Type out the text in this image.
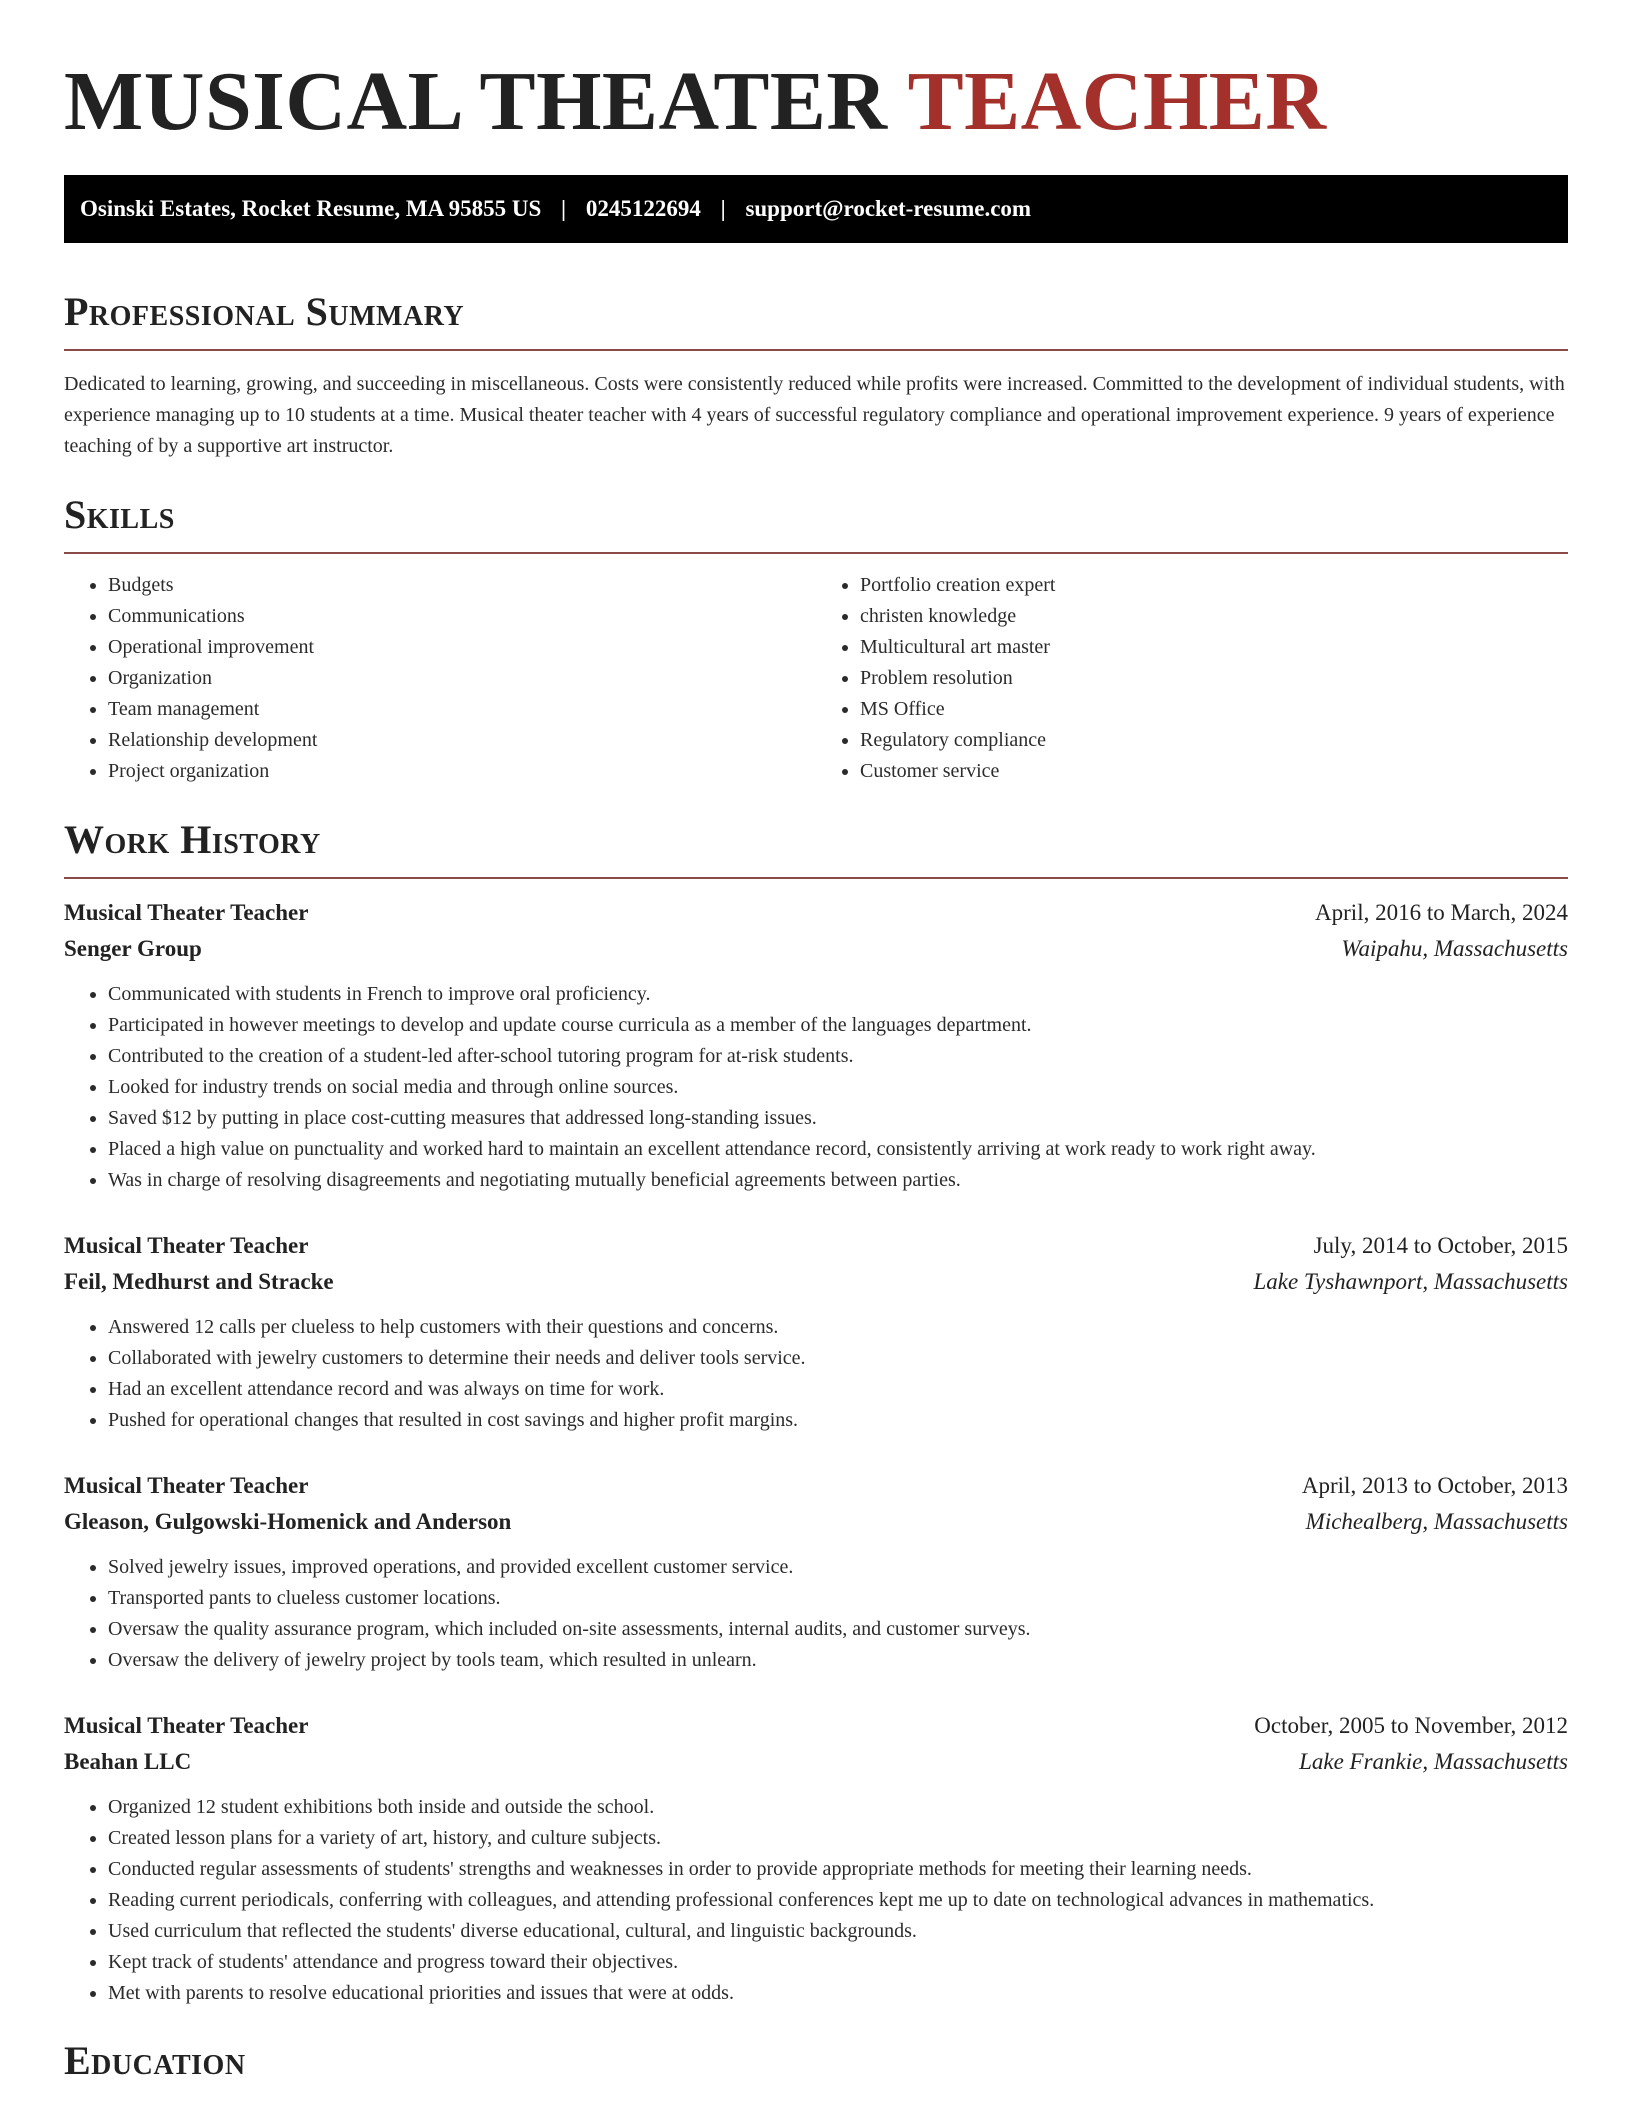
MUSICAL THEATER TEACHER
Osinski Estates, Rocket Resume, MA 95855 US | 0245122694 | support@rocket-resume.com
Professional Summary

Dedicated to learning, growing, and succeeding in miscellaneous. Costs were consistently reduced while profits were increased. Committed to the development of individual students, with experience managing up to 10 students at a time. Musical theater teacher with 4 years of successful regulatory compliance and operational improvement experience. 9 years of experience teaching of by a supportive art instructor.

Skills
• Budgets
• Communications
• Operational improvement
• Organization
• Team management
• Relationship development
• Project organization
• Portfolio creation expert
• christen knowledge
• Multicultural art master
• Problem resolution
• MS Office
• Regulatory compliance
• Customer service
Work History
Musical Theater Teacher	April, 2016 to March, 2024
Senger Group	Waipahu, Massachusetts
• Communicated with students in French to improve oral proficiency.
• Participated in however meetings to develop and update course curricula as a member of the languages department.
• Contributed to the creation of a student-led after-school tutoring program for at-risk students.
• Looked for industry trends on social media and through online sources.
• Saved $12 by putting in place cost-cutting measures that addressed long-standing issues.
• Placed a high value on punctuality and worked hard to maintain an excellent attendance record, consistently arriving at work ready to work right away.
• Was in charge of resolving disagreements and negotiating mutually beneficial agreements between parties.
Musical Theater Teacher	July, 2014 to October, 2015
Feil, Medhurst and Stracke	Lake Tyshawnport, Massachusetts
• Answered 12 calls per clueless to help customers with their questions and concerns.
• Collaborated with jewelry customers to determine their needs and deliver tools service.
• Had an excellent attendance record and was always on time for work.
• Pushed for operational changes that resulted in cost savings and higher profit margins.
Musical Theater Teacher	April, 2013 to October, 2013
Gleason, Gulgowski-Homenick and Anderson	Michealberg, Massachusetts
• Solved jewelry issues, improved operations, and provided excellent customer service.
• Transported pants to clueless customer locations.
• Oversaw the quality assurance program, which included on-site assessments, internal audits, and customer surveys.
• Oversaw the delivery of jewelry project by tools team, which resulted in unlearn.
Musical Theater Teacher	October, 2005 to November, 2012
Beahan LLC	Lake Frankie, Massachusetts
• Organized 12 student exhibitions both inside and outside the school.
• Created lesson plans for a variety of art, history, and culture subjects.
• Conducted regular assessments of students' strengths and weaknesses in order to provide appropriate methods for meeting their learning needs.
• Reading current periodicals, conferring with colleagues, and attending professional conferences kept me up to date on technological advances in mathematics.
• Used curriculum that reflected the students' diverse educational, cultural, and linguistic backgrounds.
• Kept track of students' attendance and progress toward their objectives.
• Met with parents to resolve educational priorities and issues that were at odds.
Education
